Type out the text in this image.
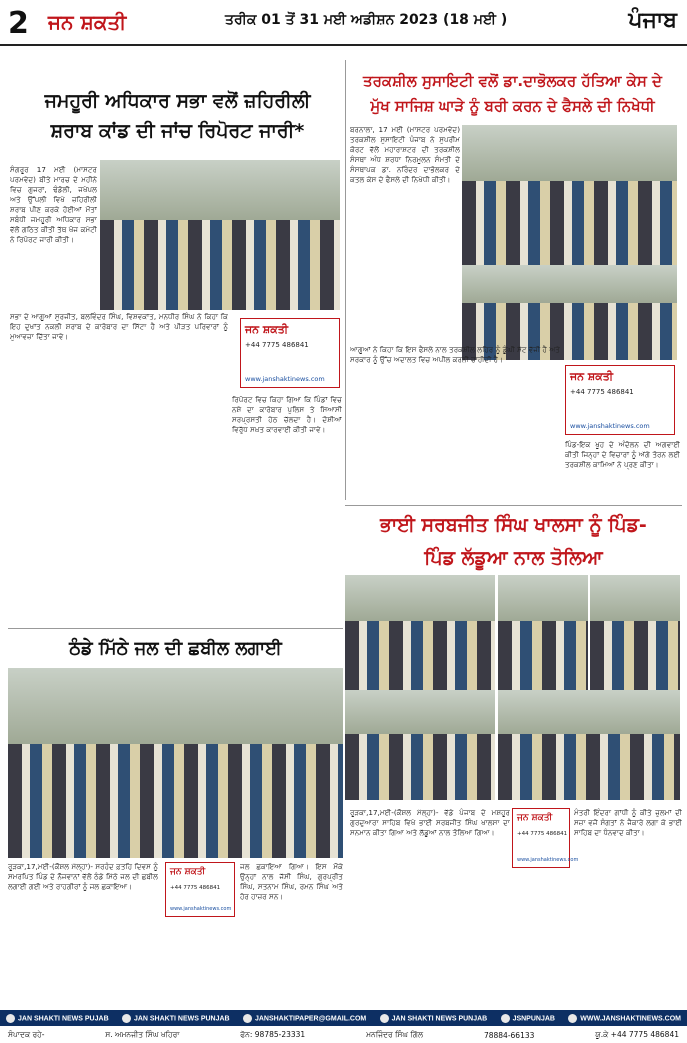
2 ਜਨ ਸ਼ਕਤੀ	ਤਰੀਕ 01 ਤੋਂ 31 ਮਈ ਅਡੀਸ਼ਨ 2023 (18 ਮਈ )	ਪੰਜਾਬ
ਜਮਹੂਰੀ ਅਧਿਕਾਰ ਸਭਾ ਵਲੋਂ ਜ਼ਹਿਰੀਲੀ
ਸ਼ਰਾਬ ਕਾਂਡ ਦੀ ਜਾਂਚ ਰਿਪੋਰਟ ਜਾਰੀ*
ਤਰਕਸ਼ੀਲ ਸੁਸਾਇਟੀ ਵਲੋਂ ਡਾ.ਦਾਭੋਲਕਰ ਹੱਤਿਆ ਕੇਸ ਦੇ
ਮੁੱਖ ਸਾਜਿਸ਼ ਘਾੜੇ ਨੂੰ ਬਰੀ ਕਰਨ ਦੇ ਫੈਸਲੇ ਦੀ ਨਿਖੇਧੀ
ਸੰਗਰੂਰ 17 ਮਈ (ਮਾਸਟਰ ਪਰਮਵੇਦ) ਬੀਤੇ ਮਾਰਚ ਦੇ ਮਹੀਨੇ ਵਿਚ ਗੁਜਰਾਂ, ਢੰਡੋਲੀ, ਜਖੇਪਲ ਅਤੇ ਉੱਪਲੀ ਵਿਖੇ ਜ਼ਹਿਰੀਲੀ ਸ਼ਰਾਬ ਪੀਣ ਕਰਕੇ ਹੋਈਆਂ ਮੌਤਾਂ ਸਬੰਧੀ ਜਮਹੂਰੀ ਅਧਿਕਾਰ ਸਭਾ ਵੱਲੋਂ ਗਠਿਤ ਕੀਤੀ ਤੱਥ ਖੋਜ ਕਮੇਟੀ ਨੇ ਰਿਪੋਰਟ ਜਾਰੀ ਕੀਤੀ।
ਸਭਾ ਦੇ ਆਗੂਆਂ ਸੁਰਜੀਤ, ਬਲਵਿੰਦਰ ਸਿੰਘ, ਵਿਸ਼ਵਕਾਂਤ, ਮਨਧੀਰ ਸਿੰਘ ਨੇ ਕਿਹਾ ਕਿ ਇਹ ਦੁਖਾਂਤ ਨਕਲੀ ਸ਼ਰਾਬ ਦੇ ਕਾਰੋਬਾਰ ਦਾ ਸਿੱਟਾ ਹੈ ਅਤੇ ਪੀੜਤ ਪਰਿਵਾਰਾਂ ਨੂੰ ਮੁਆਵਜ਼ਾ ਦਿੱਤਾ ਜਾਵੇ।
ਜਨ ਸ਼ਕਤੀ
+44 7775 486841
www.janshaktinews.com
ਰਿਪੋਰਟ ਵਿਚ ਕਿਹਾ ਗਿਆ ਕਿ ਪਿੰਡਾਂ ਵਿਚ ਨਸ਼ੇ ਦਾ ਕਾਰੋਬਾਰ ਪੁਲਿਸ ਤੇ ਸਿਆਸੀ ਸਰਪ੍ਰਸਤੀ ਹੇਠ ਚੱਲਦਾ ਹੈ। ਦੋਸ਼ੀਆਂ ਵਿਰੁੱਧ ਸਖ਼ਤ ਕਾਰਵਾਈ ਕੀਤੀ ਜਾਵੇ।
ਬਰਨਾਲਾ, 17 ਮਈ (ਮਾਸਟਰ ਪਰਮਵੇਦ) ਤਰਕਸ਼ੀਲ ਸੁਸਾਇਟੀ ਪੰਜਾਬ ਨੇ ਸੁਪਰੀਮ ਕੋਰਟ ਵੱਲੋਂ ਮਹਾਰਾਸ਼ਟਰ ਦੀ ਤਰਕਸ਼ੀਲ ਸੰਸਥਾ ਅੰਧ ਸ਼ਰਧਾ ਨਿਰਮੂਲਨ ਸੰਮਤੀ ਦੇ ਸੰਸਥਾਪਕ ਡਾ. ਨਰਿੰਦਰ ਦਾਭੋਲਕਰ ਦੇ ਕਤਲ ਕੇਸ ਦੇ ਫੈਸਲੇ ਦੀ ਨਿਖੇਧੀ ਕੀਤੀ।
ਆਗੂਆਂ ਨੇ ਕਿਹਾ ਕਿ ਇਸ ਫੈਸਲੇ ਨਾਲ ਤਰਕਸ਼ੀਲ ਲਹਿਰ ਨੂੰ ਡੂੰਘੀ ਸੱਟ ਵੱਜੀ ਹੈ ਅਤੇ ਸਰਕਾਰ ਨੂੰ ਉੱਚ ਅਦਾਲਤ ਵਿਚ ਅਪੀਲ ਕਰਨੀ ਚਾਹੀਦੀ ਹੈ।
ਜਨ ਸ਼ਕਤੀ
+44 7775 486841
www.janshaktinews.com
ਪਿੰਡ-ਇਕ ਖੂਹ ਦੇ ਅੰਦੋਲਨ ਦੀ ਅਗਵਾਈ ਕੀਤੀ ਜਿਨ੍ਹਾਂ ਦੇ ਵਿਚਾਰਾਂ ਨੂੰ ਅੱਗੇ ਤੋਰਨ ਲਈ ਤਰਕਸ਼ੀਲ ਕਾਮਿਆਂ ਨੇ ਪ੍ਰਣ ਕੀਤਾ।
ਭਾਈ ਸਰਬਜੀਤ ਸਿੰਘ ਖਾਲਸਾ ਨੂੰ ਪਿੰਡ-
ਪਿੰਡ ਲੱਡੂਆ ਨਾਲ ਤੋਲਿਆ
ਰੂੜਕਾ,17,ਮਈ-(ਕੌਸ਼ਲ ਮੱਲ੍ਹਾ)- ਵੱਡੇ ਪੰਜਾਬ ਦੇ ਮਸ਼ਹੂਰ ਗੁਰਦੁਆਰਾ ਸਾਹਿਬ ਵਿਖੇ ਭਾਈ ਸਰਬਜੀਤ ਸਿੰਘ ਖਾਲਸਾ ਦਾ ਸਨਮਾਨ ਕੀਤਾ ਗਿਆ ਅਤੇ ਲੱਡੂਆਂ ਨਾਲ ਤੋਲਿਆ ਗਿਆ।
ਜਨ ਸ਼ਕਤੀ
+44 7775 486841
www.janshaktinews.com
ਮੰਤਰੀ ਇੰਦਰਾ ਗਾਂਧੀ ਨੂੰ ਕੀਤੇ ਜ਼ੁਲਮਾਂ ਦੀ ਸਜ਼ਾ ਵਜੋਂ ਸੰਗਤਾਂ ਨੇ ਜੈਕਾਰੇ ਲਗਾ ਕੇ ਭਾਈ ਸਾਹਿਬ ਦਾ ਧੰਨਵਾਦ ਕੀਤਾ।
ਠੰਡੇ ਮਿੱਠੇ ਜਲ ਦੀ ਛਬੀਲ ਲਗਾਈ
ਰੂੜਕਾ,17,ਮਈ-(ਕੌਸ਼ਲ ਮੱਲ੍ਹਾ)- ਸਰਹੰਦ ਫ਼ਤਹਿ ਦਿਵਸ ਨੂੰ ਸਮਰਪਿਤ ਪਿੰਡ ਦੇ ਨੌਜਵਾਨਾਂ ਵੱਲੋਂ ਠੰਡੇ ਮਿੱਠੇ ਜਲ ਦੀ ਛਬੀਲ ਲਗਾਈ ਗਈ ਅਤੇ ਰਾਹਗੀਰਾਂ ਨੂੰ ਜਲ ਛਕਾਇਆ।
ਜਨ ਸ਼ਕਤੀ
+44 7775 486841
www.janshaktinews.com
ਜਲ ਛਕਾਇਆ ਗਿਆ। ਇਸ ਮੌਕੇ ਉਨ੍ਹਾਂ ਨਾਲ ਜੱਸੀ ਸਿੰਘ, ਗੁਰਪ੍ਰੀਤ ਸਿੰਘ, ਸਤਨਾਮ ਸਿੰਘ, ਰਮਨ ਸਿੰਘ ਅਤੇ ਹੋਰ ਹਾਜ਼ਰ ਸਨ।
JAN SHAKTI NEWS PUJAB	JAN SHAKTI NEWS PUNJAB	JANSHAKTIPAPER@GMAIL.COM	JAN SHAKTI NEWS PUNJAB	JSNPUNJAB	WWW.JANSHAKTINEWS.COM
ਸੰਪਾਦਕ ਰਹੇ-	ਸ. ਅਮਨਜੀਤ ਸਿੰਘ ਖਹਿਰਾ	ਫੋਨ: 98785-23331	ਮਨਜਿੰਦਰ ਸਿੰਘ ਗਿੱਲ	78884-66133	ਯੂ.ਕੇ +44 7775 486841
